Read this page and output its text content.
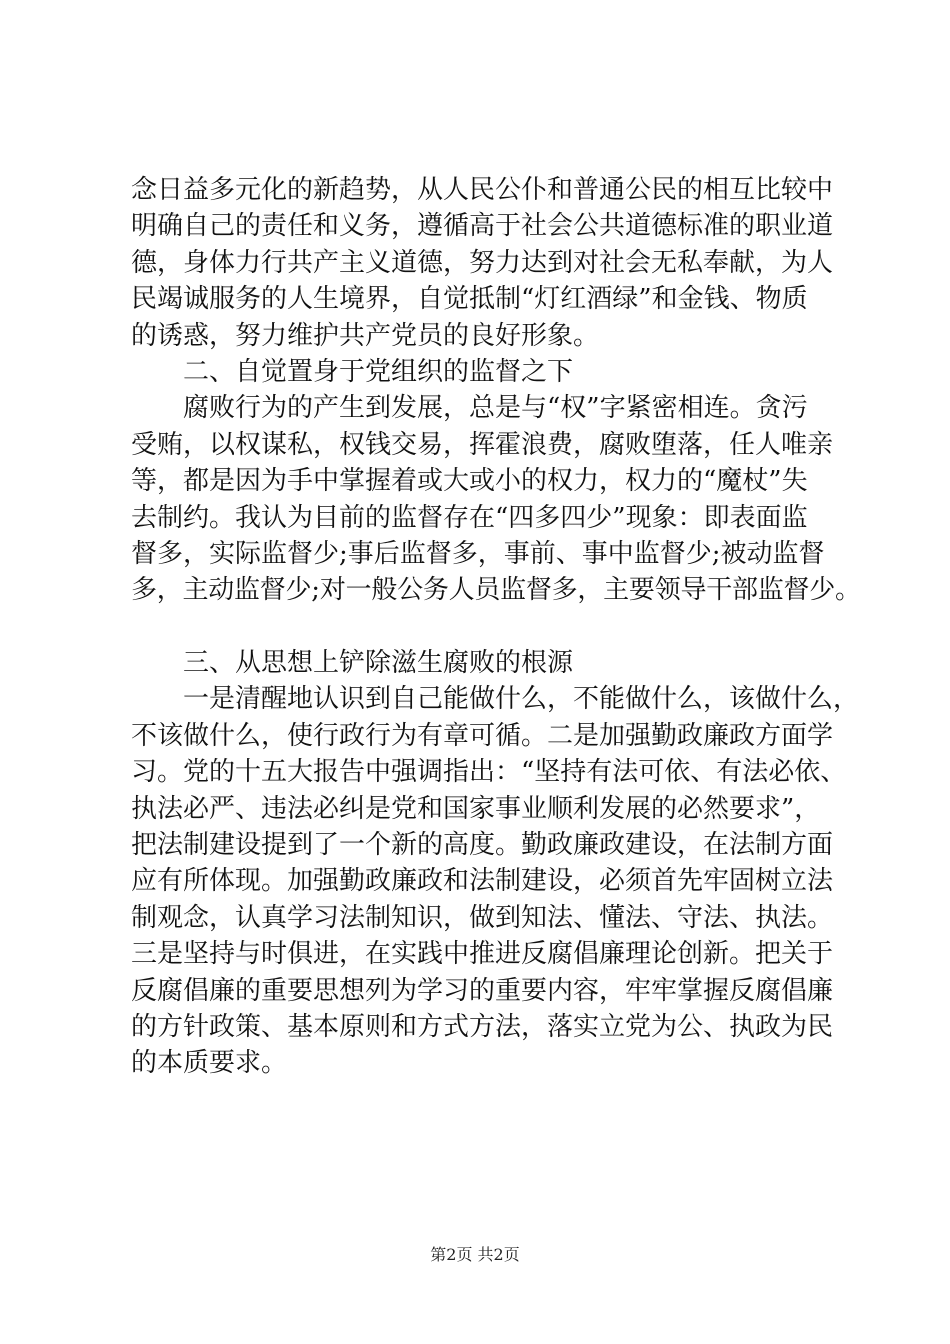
念日益多元化的新趋势，从人民公仆和普通公民的相互比较中
明确自己的责任和义务，遵循高于社会公共道德标准的职业道
德，身体力行共产主义道德，努力达到对社会无私奉献，为人
民竭诚服务的人生境界，自觉抵制“灯红酒绿”和金钱、物质
的诱惑，努力维护共产党员的良好形象。
　　二、自觉置身于党组织的监督之下
　　腐败行为的产生到发展，总是与“权”字紧密相连。贪污
受贿，以权谋私，权钱交易，挥霍浪费，腐败堕落，任人唯亲
等，都是因为手中掌握着或大或小的权力，权力的“魔杖”失
去制约。我认为目前的监督存在“四多四少”现象：即表面监
督多，实际监督少;事后监督多，事前、事中监督少;被动监督
多，主动监督少;对一般公务人员监督多，主要领导干部监督少。
　　三、从思想上铲除滋生腐败的根源
　　一是清醒地认识到自己能做什么，不能做什么，该做什么，
不该做什么，使行政行为有章可循。二是加强勤政廉政方面学
习。党的十五大报告中强调指出：“坚持有法可依、有法必依、
执法必严、违法必纠是党和国家事业顺利发展的必然要求”，
把法制建设提到了一个新的高度。勤政廉政建设，在法制方面
应有所体现。加强勤政廉政和法制建设，必须首先牢固树立法
制观念，认真学习法制知识，做到知法、懂法、守法、执法。
三是坚持与时俱进，在实践中推进反腐倡廉理论创新。把关于
反腐倡廉的重要思想列为学习的重要内容，牢牢掌握反腐倡廉
的方针政策、基本原则和方式方法，落实立党为公、执政为民
的本质要求。
第2页 共2页
